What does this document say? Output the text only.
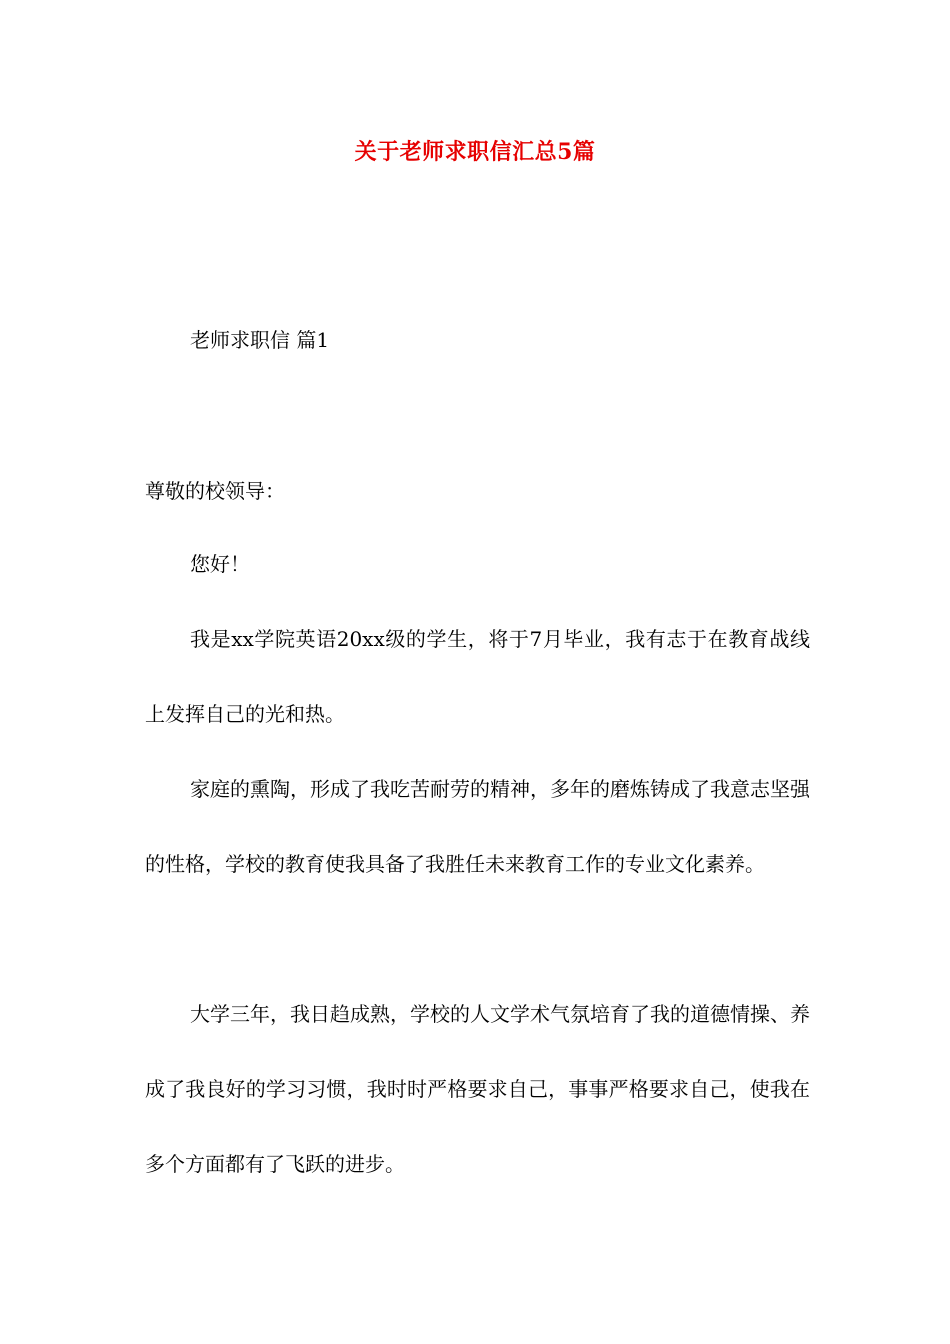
关于老师求职信汇总5篇
老师求职信 篇1
尊敬的校领导：

您好！

我是xx学院英语20xx级的学生，将于7月毕业，我有志于在教育战线上发挥自己的光和热。

家庭的熏陶，形成了我吃苦耐劳的精神，多年的磨炼铸成了我意志坚强的性格，学校的教育使我具备了我胜任未来教育工作的专业文化素养。

大学三年，我日趋成熟，学校的人文学术气氛培育了我的道德情操、养成了我良好的学习习惯，我时时严格要求自己，事事严格要求自己，使我在多个方面都有了飞跃的进步。
